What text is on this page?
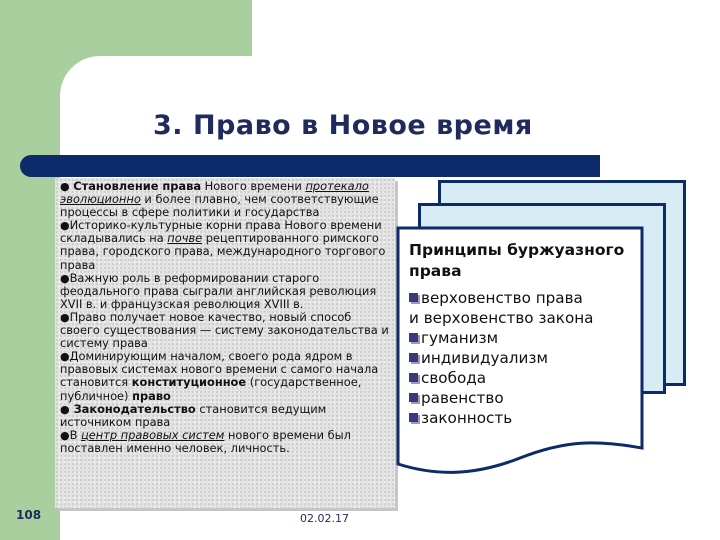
3. Право в Новое время

● Становление права Нового времени протекало эволюционно и более плавно, чем соответствующие процессы в сфере политики и государства

●Историко-культурные корни права Нового времени складывались на почве рецептированного римского права, городского права, международного торгового права

●Важную роль в реформировании старого феодального права сыграли английская революция XVII в. и французская революция XVIII в.

●Право получает новое качество, новый способ своего существования — систему законодательства и систему права

●Доминирующим началом, своего рода ядром в правовых системах нового времени с самого начала становится конституционное (государственное, публичное) право

● Законодательство становится ведущим источником права

●В центр правовых систем нового времени был поставлен именно человек, личность.

Принципы буржуазного права
верховенство права
и верховенство закона
гуманизм
индивидуализм
свобода
равенство
законность
108	02.02.17
